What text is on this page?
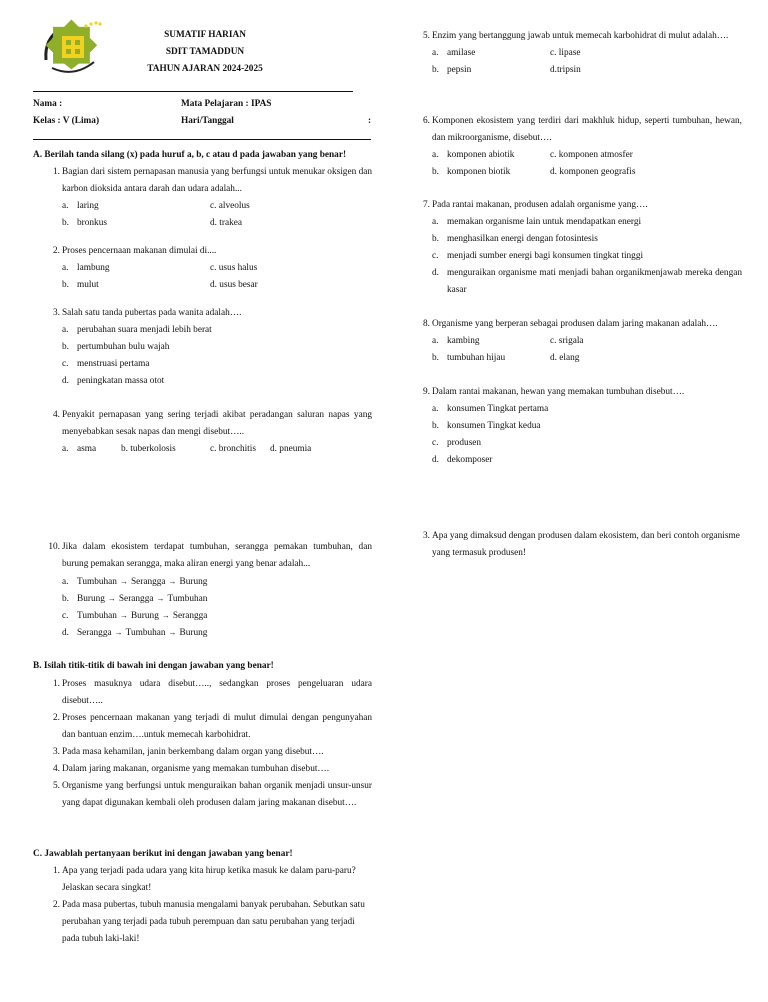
SUMATIF HARIAN
SDIT TAMADDUN
TAHUN AJARAN 2024-2025
Nama :
Kelas : V (Lima)
Mata Pelajaran : IPAS
Hari/Tanggal	:
A. Berilah tanda silang (x) pada huruf a, b, c atau d pada jawaban yang benar!
1. Bagian dari sistem pernapasan manusia yang berfungsi untuk menukar oksigen dan karbon dioksida antara darah dan udara adalah...
a. laring	c. alveolus
b. bronkus	d. trakea
2. Proses pencernaan makanan dimulai di....
a. lambung	c. usus halus
b. mulut	d. usus besar
3. Salah satu tanda pubertas pada wanita adalah….
a. perubahan suara menjadi lebih berat
b. pertumbuhan bulu wajah
c. menstruasi pertama
d. peningkatan massa otot
4. Penyakit pernapasan yang sering terjadi akibat peradangan saluran napas yang menyebabkan sesak napas dan mengi disebut…..
a. asma	b. tuberkolosis	c. bronchitis d. pneumia
10. Jika dalam ekosistem terdapat tumbuhan, serangga pemakan tumbuhan, dan burung pemakan serangga, maka aliran energi yang benar adalah...
a. Tumbuhan → Serangga → Burung
b. Burung → Serangga → Tumbuhan
c. Tumbuhan → Burung → Serangga
d. Serangga → Tumbuhan → Burung
B. Isilah titik-titik di bawah ini dengan jawaban yang benar!
1. Proses masuknya udara disebut….., sedangkan proses pengeluaran udara disebut…..
2. Proses pencernaan makanan yang terjadi di mulut dimulai dengan pengunyahan dan bantuan enzim….untuk memecah karbohidrat.
3. Pada masa kehamilan, janin berkembang dalam organ yang disebut….
4. Dalam jaring makanan, organisme yang memakan tumbuhan disebut….
5. Organisme yang berfungsi untuk menguraikan bahan organik menjadi unsur-unsur yang dapat digunakan kembali oleh produsen dalam jaring makanan disebut….
C. Jawablah pertanyaan berikut ini dengan jawaban yang benar!
1. Apa yang terjadi pada udara yang kita hirup ketika masuk ke dalam paru-paru? Jelaskan secara singkat!
2. Pada masa pubertas, tubuh manusia mengalami banyak perubahan. Sebutkan satu perubahan yang terjadi pada tubuh perempuan dan satu perubahan yang terjadi pada tubuh laki-laki!
5. Enzim yang bertanggung jawab untuk memecah karbohidrat di mulut adalah….
a. amilase	c. lipase
b. pepsin	d.tripsin
6. Komponen ekosistem yang terdiri dari makhluk hidup, seperti tumbuhan, hewan, dan mikroorganisme, disebut….
a. komponen abiotik	c. komponen atmosfer
b. komponen biotik	d. komponen geografis
7. Pada rantai makanan, produsen adalah organisme yang….
a. memakan organisme lain untuk mendapatkan energi
b. menghasilkan energi dengan fotosintesis
c. menjadi sumber energi bagi konsumen tingkat tinggi
d. menguraikan organisme mati menjadi bahan organikmenjawab mereka dengan kasar
8. Organisme yang berperan sebagai produsen dalam jaring makanan adalah….
a. kambing	c. srigala
b. tumbuhan hijau	d. elang
9. Dalam rantai makanan, hewan yang memakan tumbuhan disebut….
a. konsumen Tingkat pertama
b. konsumen Tingkat kedua
c. produsen
d. dekomposer
3. Apa yang dimaksud dengan produsen dalam ekosistem, dan beri contoh organisme yang termasuk produsen!
